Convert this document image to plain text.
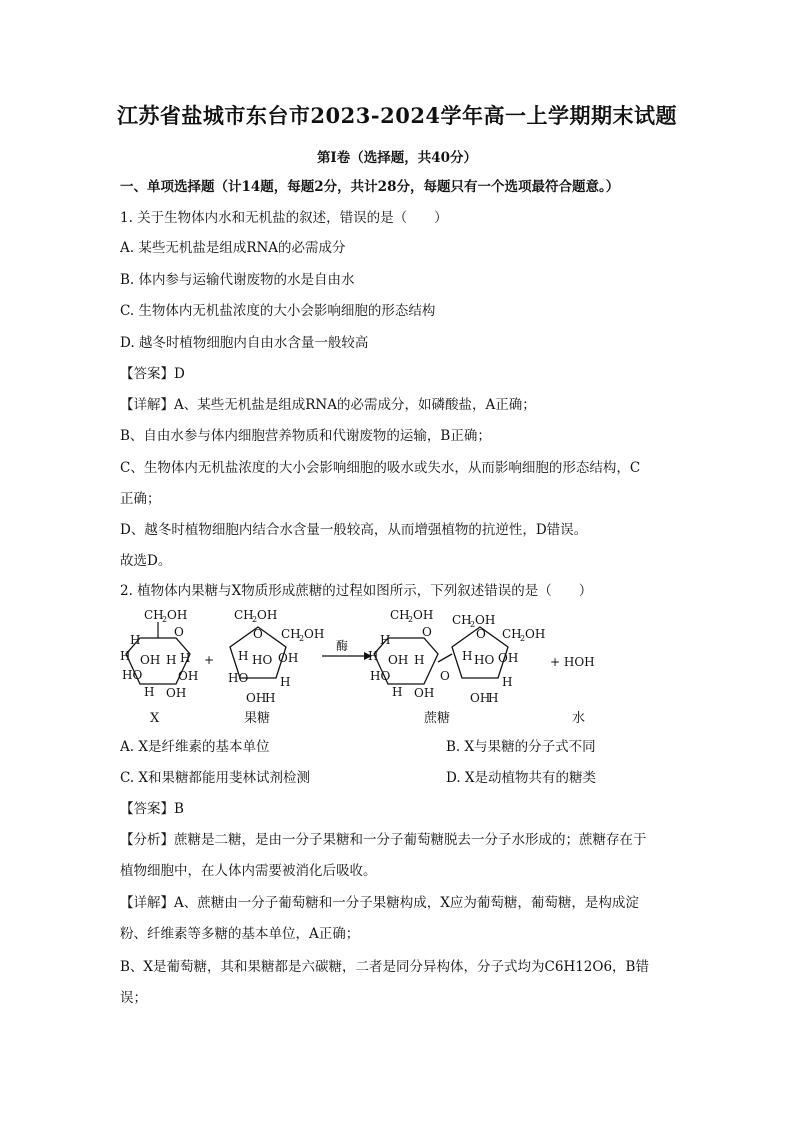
江苏省盐城市东台市2023-2024学年高一上学期期末试题
第Ⅰ卷（选择题，共40分）
一、单项选择题（计14题，每题2分，共计28分，每题只有一个选项最符合题意。）
1. 关于生物体内水和无机盐的叙述，错误的是（　　）
A. 某些无机盐是组成RNA的必需成分
B. 体内参与运输代谢废物的水是自由水
C. 生物体内无机盐浓度的大小会影响细胞的形态结构
D. 越冬时植物细胞内自由水含量一般较高
【答案】D
【详解】A、某些无机盐是组成RNA的必需成分，如磷酸盐，A正确；
B、自由水参与体内细胞营养物质和代谢废物的运输，B正确；
C、生物体内无机盐浓度的大小会影响细胞的吸水或失水，从而影响细胞的形态结构，C
正确；
D、越冬时植物细胞内结合水含量一般较高，从而增强植物的抗逆性，D错误。
故选D。
2. 植物体内果糖与X物质形成蔗糖的过程如图所示，下列叙述错误的是（　　）
CH
2 OH
O
H
H OH H H
HO	OH
H OH
+
CH
2 OH
O CH
2 OH
H HO OH
HO	H
OH
H
酶
CH
2 OH
O
H
H OH H
HO
H OH
O
CH
2 OH
O CH
2 OH
H HO OH
H
OH
H
+ HOH
X	果糖	蔗糖	水
A. X是纤维素的基本单位	B. X与果糖的分子式不同
C. X和果糖都能用斐林试剂检测	D. X是动植物共有的糖类
【答案】B
【分析】蔗糖是二糖，是由一分子果糖和一分子葡萄糖脱去一分子水形成的；蔗糖存在于
植物细胞中，在人体内需要被消化后吸收。
【详解】A、蔗糖由一分子葡萄糖和一分子果糖构成，X应为葡萄糖，葡萄糖，是构成淀
粉、纤维素等多糖的基本单位，A正确；
B、X是葡萄糖，其和果糖都是六碳糖，二者是同分异构体，分子式均为C6H12O6，B错
误；
